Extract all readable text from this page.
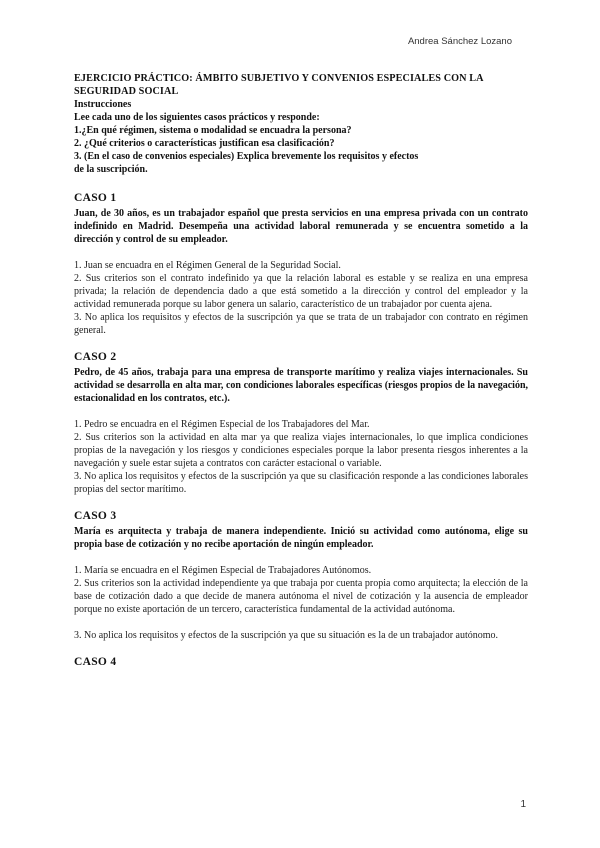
Andrea Sánchez Lozano

EJERCICIO PRÁCTICO: ÁMBITO SUBJETIVO Y CONVENIOS ESPECIALES CON LA SEGURIDAD SOCIAL

Instrucciones

Lee cada uno de los siguientes casos prácticos y responde:

1.¿En qué régimen, sistema o modalidad se encuadra la persona?

2. ¿Qué criterios o características justifican esa clasificación?

3. (En el caso de convenios especiales) Explica brevemente los requisitos y efectos

de la suscripción.

CASO 1

Juan, de 30 años, es un trabajador español que presta servicios en una empresa privada con un contrato indefinido en Madrid. Desempeña una actividad laboral remunerada y se encuentra sometido a la dirección y control de su empleador.

1. Juan se encuadra en el Régimen General de la Seguridad Social.

2. Sus criterios son el contrato indefinido ya que la relación laboral es estable y se realiza en una empresa privada; la relación de dependencia dado a que está sometido a la dirección y control del empleador y la actividad remunerada porque su labor genera un salario, característico de un trabajador por cuenta ajena.

3. No aplica los requisitos y efectos de la suscripción ya que se trata de un trabajador con contrato en régimen general.

CASO 2

Pedro, de 45 años, trabaja para una empresa de transporte marítimo y realiza viajes internacionales. Su actividad se desarrolla en alta mar, con condiciones laborales específicas (riesgos propios de la navegación, estacionalidad en los contratos, etc.).

1. Pedro se encuadra en el Régimen Especial de los Trabajadores del Mar.

2. Sus criterios son la actividad en alta mar ya que realiza viajes internacionales, lo que implica condiciones propias de la navegación y los riesgos y condiciones especiales porque la labor presenta riesgos inherentes a la navegación y suele estar sujeta a contratos con carácter estacional o variable.

3. No aplica los requisitos y efectos de la suscripción ya que su clasificación responde a las condiciones laborales propias del sector marítimo.

CASO 3

María es arquitecta y trabaja de manera independiente. Inició su actividad como autónoma, elige su propia base de cotización y no recibe aportación de ningún empleador.

1. María se encuadra en el Régimen Especial de Trabajadores Autónomos.

2. Sus criterios son la actividad independiente ya que trabaja por cuenta propia como arquitecta; la elección de la base de cotización dado a que decide de manera autónoma el nivel de cotización y la ausencia de empleador porque no existe aportación de un tercero, característica fundamental de la actividad autónoma.

3. No aplica los requisitos y efectos de la suscripción ya que su situación es la de un trabajador autónomo.

CASO 4

1
